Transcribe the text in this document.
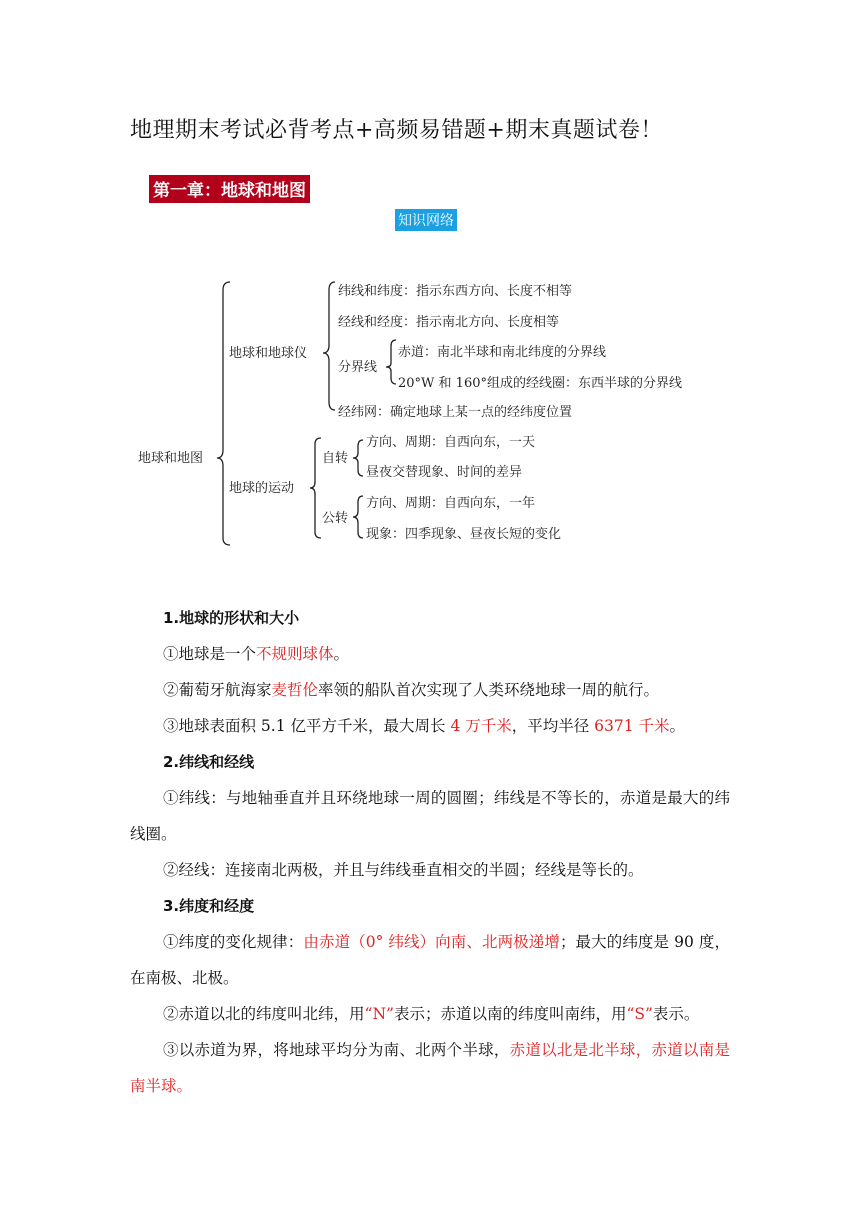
地理期末考试必背考点+高频易错题+期末真题试卷！
第一章：地球和地图
知识网络
地球和地图
地球和地球仪
纬线和纬度：指示东西方向、长度不相等
经线和经度：指示南北方向、长度相等
分界线
赤道：南北半球和南北纬度的分界线
20°W 和 160°组成的经线圈：东西半球的分界线
经纬网：确定地球上某一点的经纬度位置
地球的运动
自转
方向、周期：自西向东，一天
昼夜交替现象、时间的差异
公转
方向、周期：自西向东，一年
现象：四季现象、昼夜长短的变化

1.地球的形状和大小

①地球是一个不规则球体。

②葡萄牙航海家麦哲伦率领的船队首次实现了人类环绕地球一周的航行。

③地球表面积 5.1 亿平方千米，最大周长 4 万千米，平均半径 6371 千米。

2.纬线和经线

①纬线：与地轴垂直并且环绕地球一周的圆圈；纬线是不等长的，赤道是最大的纬线圈。

②经线：连接南北两极，并且与纬线垂直相交的半圆；经线是等长的。

3.纬度和经度

①纬度的变化规律：由赤道（0° 纬线）向南、北两极递增；最大的纬度是 90 度，在南极、北极。

②赤道以北的纬度叫北纬，用“N”表示；赤道以南的纬度叫南纬，用“S”表示。

③以赤道为界，将地球平均分为南、北两个半球，赤道以北是北半球，赤道以南是南半球。
